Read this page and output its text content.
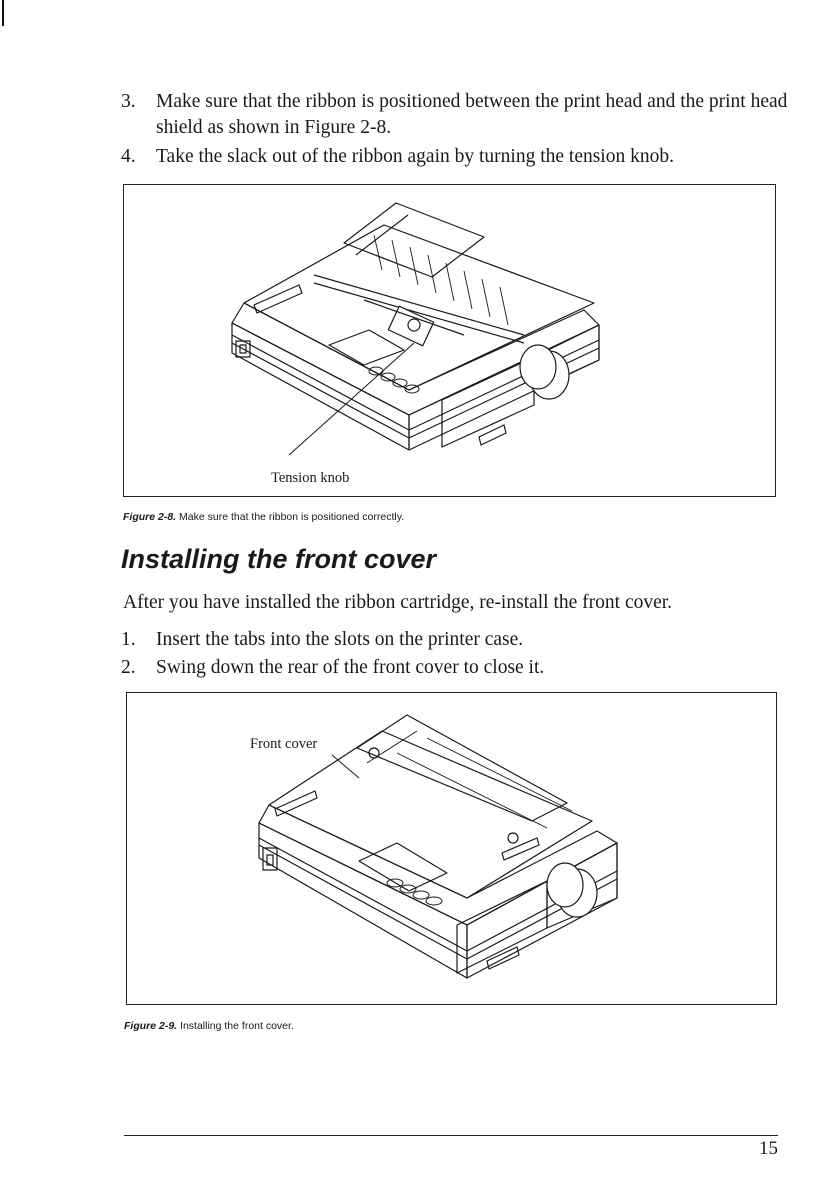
3. Make sure that the ribbon is positioned between the print head and the print head shield as shown in Figure 2-8.
4. Take the slack out of the ribbon again by turning the tension knob.
Tension knob
Figure 2-8. Make sure that the ribbon is positioned correctly.
Installing the front cover
After you have installed the ribbon cartridge, re-install the front cover.
1. Insert the tabs into the slots on the printer case.
2. Swing down the rear of the front cover to close it.
Front cover
Figure 2-9. Installing the front cover.
15
